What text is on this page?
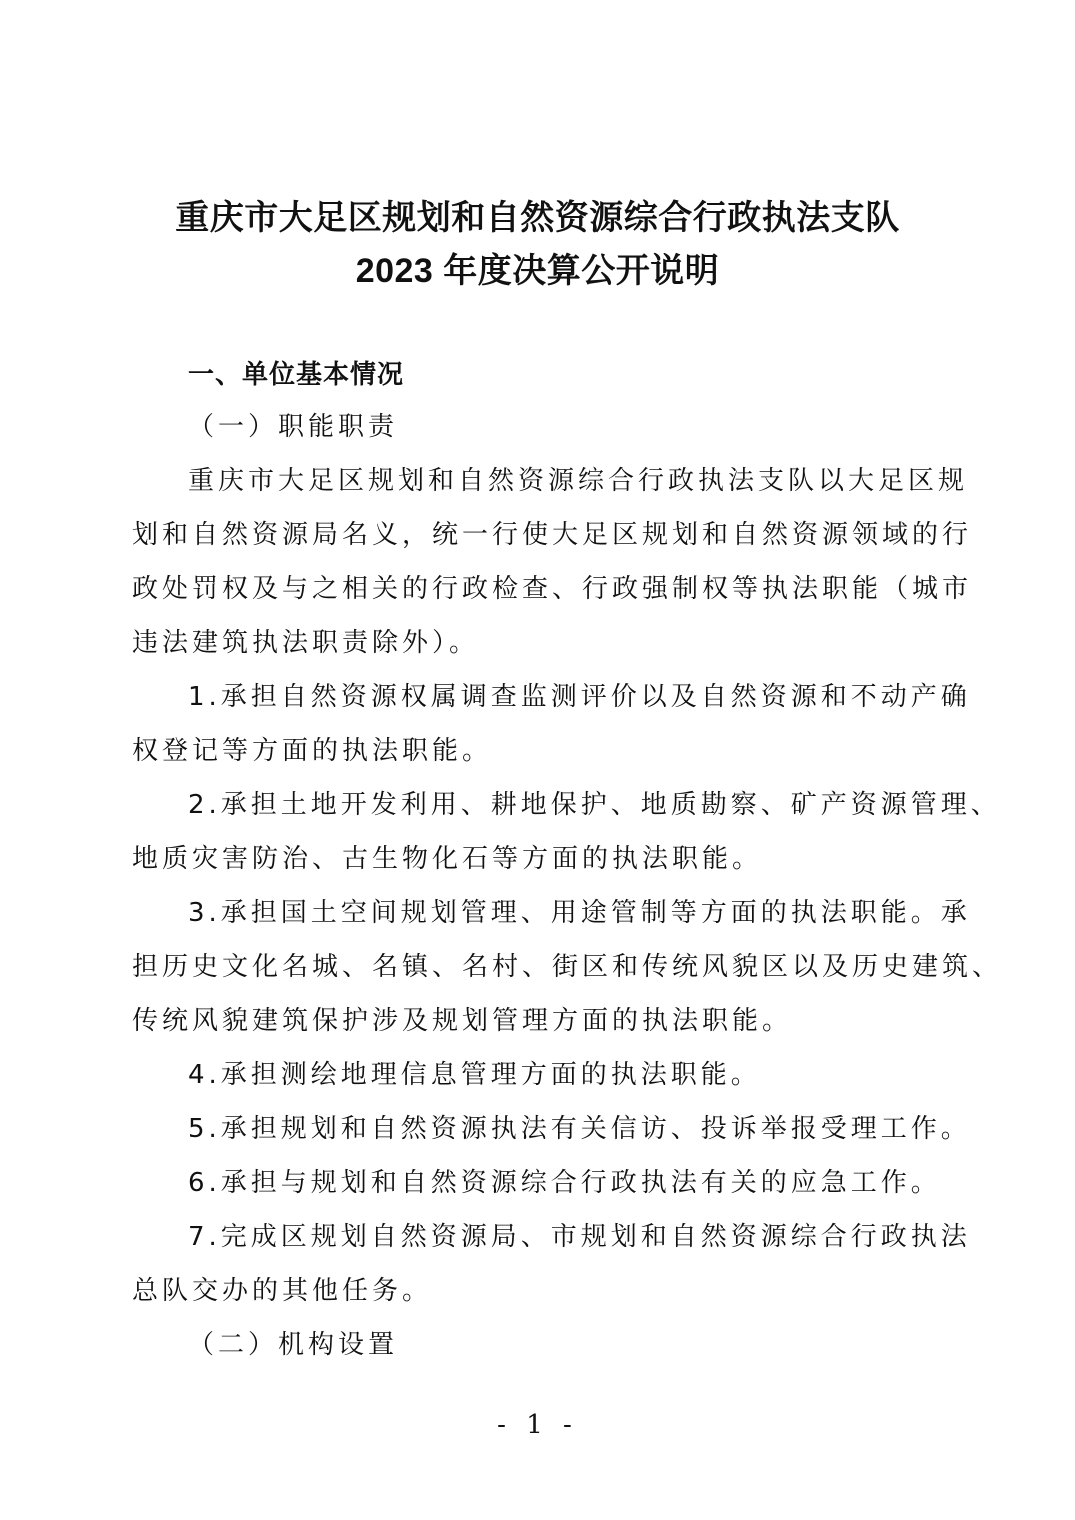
重庆市大足区规划和自然资源综合行政执法支队
2023 年度决算公开说明

一、单位基本情况

（一）职能职责

重庆市大足区规划和自然资源综合行政执法支队以大足区规

划和自然资源局名义，统一行使大足区规划和自然资源领域的行

政处罚权及与之相关的行政检查、行政强制权等执法职能（城市

违法建筑执法职责除外）。

1.承担自然资源权属调查监测评价以及自然资源和不动产确

权登记等方面的执法职能。

2.承担土地开发利用、耕地保护、地质勘察、矿产资源管理、

地质灾害防治、古生物化石等方面的执法职能。

3.承担国土空间规划管理、用途管制等方面的执法职能。承

担历史文化名城、名镇、名村、街区和传统风貌区以及历史建筑、

传统风貌建筑保护涉及规划管理方面的执法职能。

4.承担测绘地理信息管理方面的执法职能。

5.承担规划和自然资源执法有关信访、投诉举报受理工作。

6.承担与规划和自然资源综合行政执法有关的应急工作。

7.完成区规划自然资源局、市规划和自然资源综合行政执法

总队交办的其他任务。

（二）机构设置

- 1 -
